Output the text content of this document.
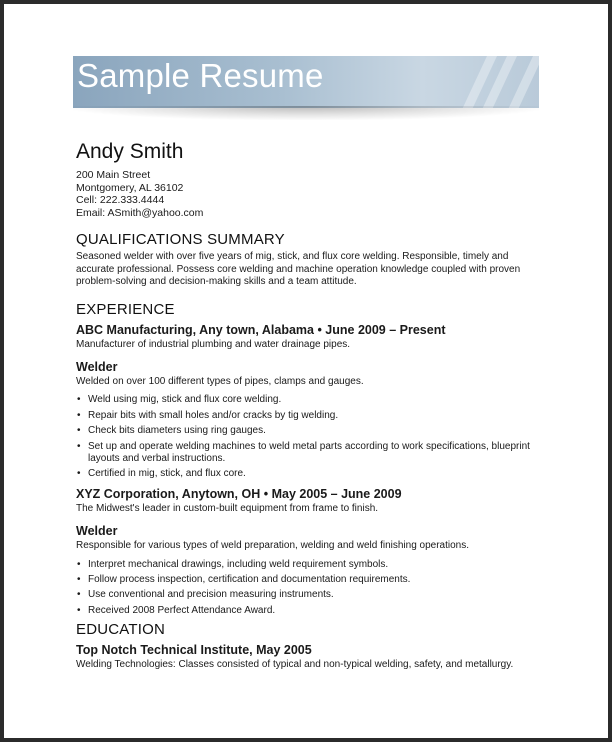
Sample Resume
Andy Smith
200 Main Street
Montgomery, AL 36102
Cell: 222.333.4444
Email: ASmith@yahoo.com
QUALIFICATIONS SUMMARY

Seasoned welder with over five years of mig, stick, and flux core welding. Responsible, timely and accurate professional. Possess core welding and machine operation knowledge coupled with proven problem-solving and decision-making skills and a team attitude.

EXPERIENCE
ABC Manufacturing, Any town, Alabama • June 2009 – Present
Manufacturer of industrial plumbing and water drainage pipes.
Welder
Welded on over 100 different types of pipes, clamps and gauges.
• Weld using mig, stick and flux core welding.
• Repair bits with small holes and/or cracks by tig welding.
• Check bits diameters using ring gauges.
• Set up and operate welding machines to weld metal parts according to work specifications, blueprint layouts and verbal instructions.
• Certified in mig, stick, and flux core.
XYZ Corporation, Anytown, OH • May 2005 – June 2009
The Midwest's leader in custom-built equipment from frame to finish.
Welder
Responsible for various types of weld preparation, welding and weld finishing operations.
• Interpret mechanical drawings, including weld requirement symbols.
• Follow process inspection, certification and documentation requirements.
• Use conventional and precision measuring instruments.
• Received 2008 Perfect Attendance Award.
EDUCATION
Top Notch Technical Institute, May 2005
Welding Technologies: Classes consisted of typical and non-typical welding, safety, and metallurgy.
